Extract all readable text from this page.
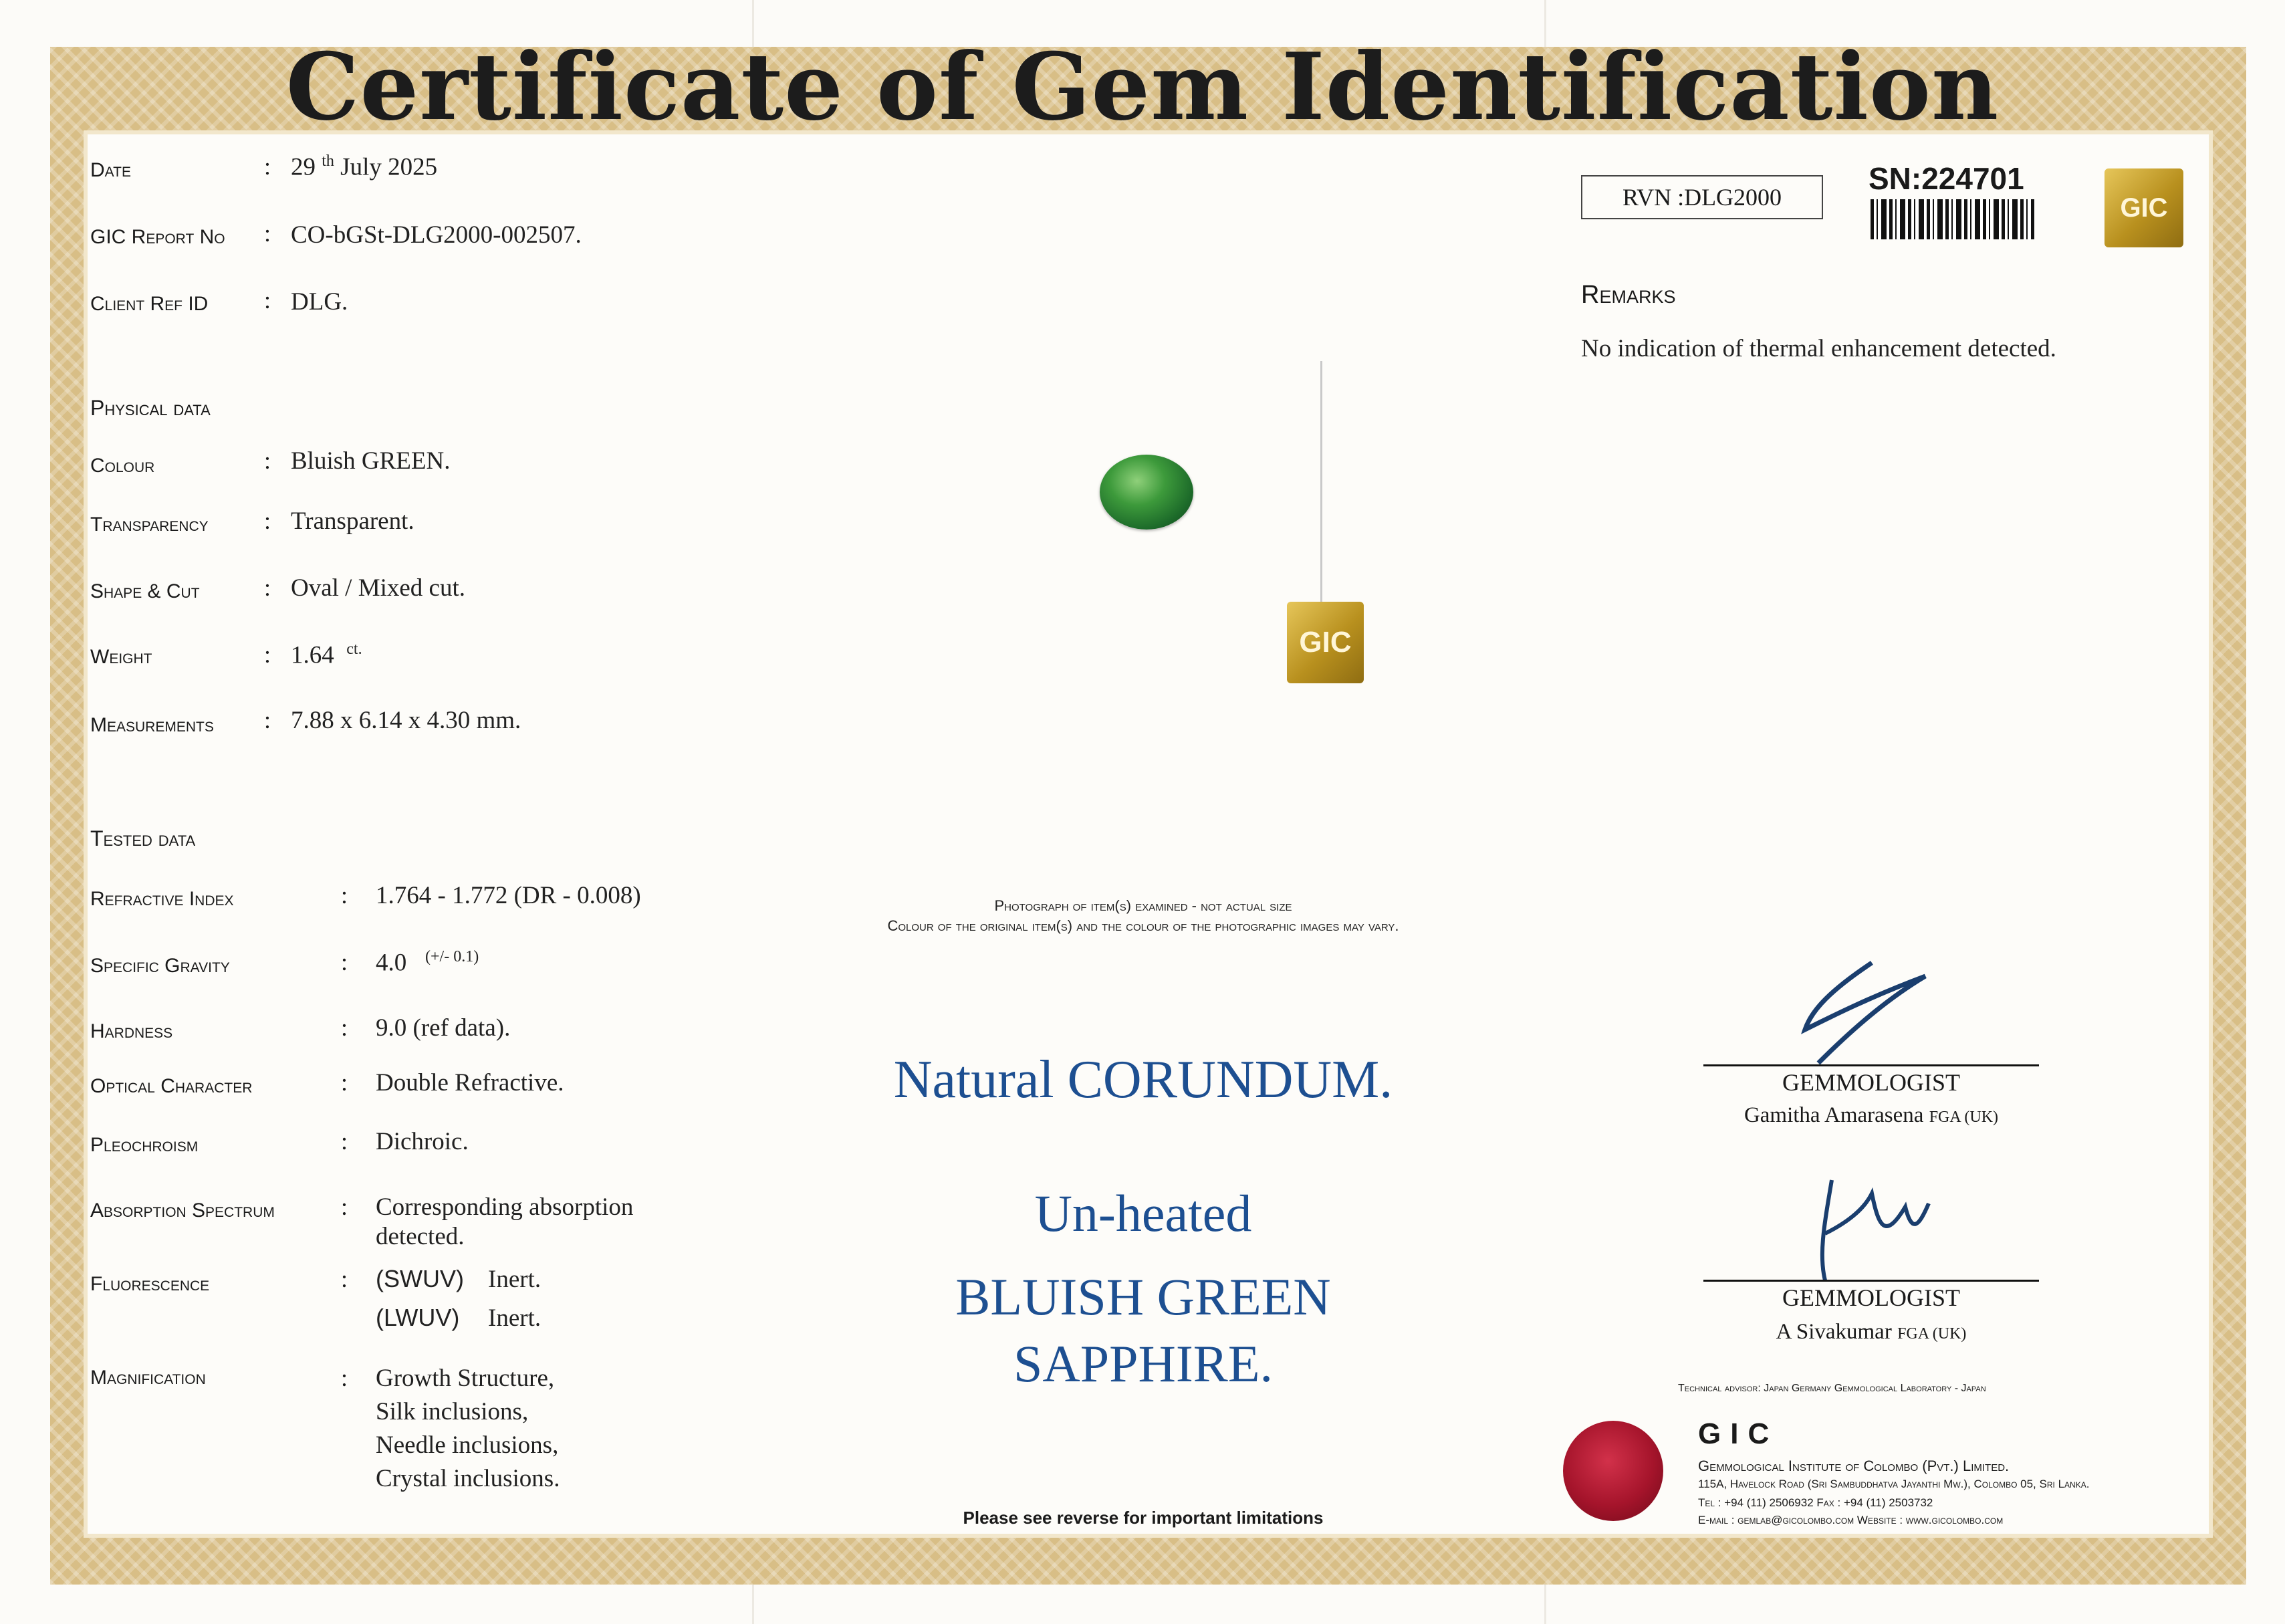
Certificate of Gem Identification
Date	: 29 $^{th}$ July 2025
GIC Report No : CO-bGSt-DLG2000-002507.
Client Ref ID : DLG.
Physical data
Colour	: Bluish GREEN.
Transparency : Transparent.
Shape & Cut	: Oval / Mixed cut.
Weight	: 1.64 $^{ct.}$
Measurements : 7.88 x 6.14 x 4.30 mm.
Tested data
Refractive Index	: 1.764 - 1.772 (DR - 0.008)
Specific Gravity	: 4.0 $^{(+/- 0.1)}$
Hardness	: 9.0 (ref data).
Optical Character	: Double Refractive.
Pleochroism	: Dichroic.
Absorption Spectrum	: Corresponding absorption
detected.
Fluorescence	: (SWUV) Inert.
(LWUV) Inert.
Magnification	: Growth Structure,
Silk inclusions,
Needle inclusions,
Crystal inclusions.
GIC
Photograph of item(s) examined - not actual size
Colour of the original item(s) and the colour of the photographic images may vary.
Natural CORUNDUM.
Un-heated
BLUISH GREEN
SAPPHIRE.
Please see reverse for important limitations
RVN :DLG2000
SN:224701
GIC
Remarks
No indication of thermal enhancement detected.
GEMMOLOGIST
Gamitha Amarasena FGA (UK)
GEMMOLOGIST
A Sivakumar FGA (UK)
Technical advisor: Japan Germany Gemmological Laboratory - Japan
GIC
Gemmological Institute of Colombo (Pvt.) Limited.
115A, Havelock Road (Sri Sambuddhatva Jayanthi Mw.), Colombo 05, Sri Lanka.
Tel : +94 (11) 2506932 Fax : +94 (11) 2503732
E-mail : gemlab@gicolombo.com Website : www.gicolombo.com
